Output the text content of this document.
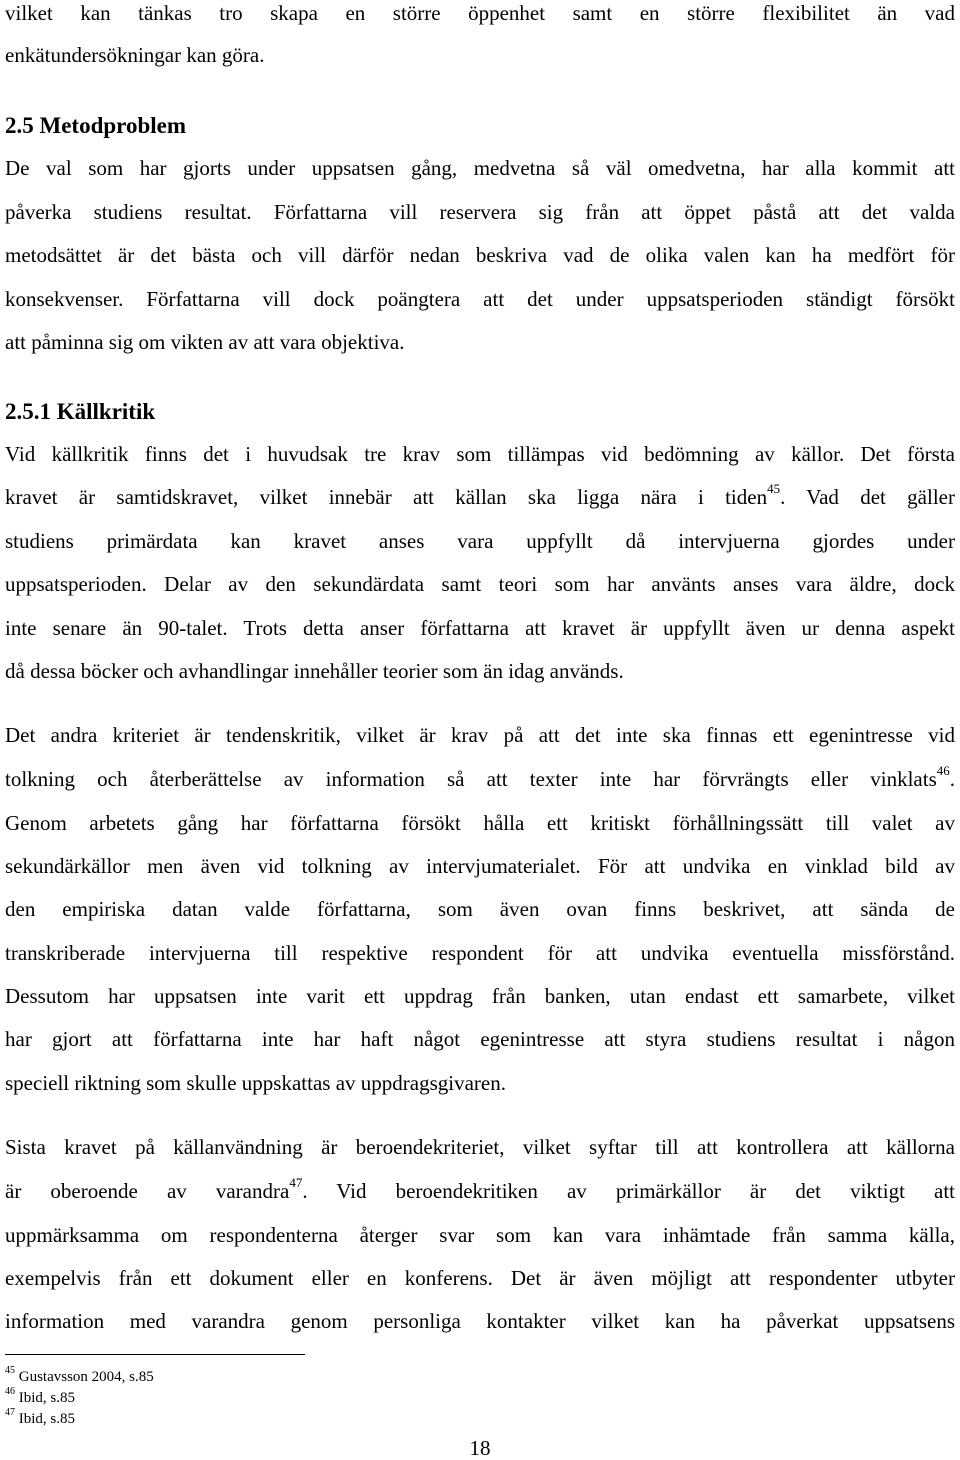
vilket kan tänkas tro skapa en större öppenhet samt en större flexibilitet än vad
enkätundersökningar kan göra.
2.5 Metodproblem
De val som har gjorts under uppsatsen gång, medvetna så väl omedvetna, har alla kommit att
påverka studiens resultat. Författarna vill reservera sig från att öppet påstå att det valda
metodsättet är det bästa och vill därför nedan beskriva vad de olika valen kan ha medfört för
konsekvenser. Författarna vill dock poängtera att det under uppsatsperioden ständigt försökt
att påminna sig om vikten av att vara objektiva.
2.5.1 Källkritik
Vid källkritik finns det i huvudsak tre krav som tillämpas vid bedömning av källor. Det första
kravet är samtidskravet, vilket innebär att källan ska ligga nära i tiden$^{45}$. Vad det gäller
studiens primärdata kan kravet anses vara uppfyllt då intervjuerna gjordes under
uppsatsperioden. Delar av den sekundärdata samt teori som har använts anses vara äldre, dock
inte senare än 90-talet. Trots detta anser författarna att kravet är uppfyllt även ur denna aspekt
då dessa böcker och avhandlingar innehåller teorier som än idag används.
Det andra kriteriet är tendenskritik, vilket är krav på att det inte ska finnas ett egenintresse vid
tolkning och återberättelse av information så att texter inte har förvrängts eller vinklats$^{46}$.
Genom arbetets gång har författarna försökt hålla ett kritiskt förhållningssätt till valet av
sekundärkällor men även vid tolkning av intervjumaterialet. För att undvika en vinklad bild av
den empiriska datan valde författarna, som även ovan finns beskrivet, att sända de
transkriberade intervjuerna till respektive respondent för att undvika eventuella missförstånd.
Dessutom har uppsatsen inte varit ett uppdrag från banken, utan endast ett samarbete, vilket
har gjort att författarna inte har haft något egenintresse att styra studiens resultat i någon
speciell riktning som skulle uppskattas av uppdragsgivaren.
Sista kravet på källanvändning är beroendekriteriet, vilket syftar till att kontrollera att källorna
är oberoende av varandra$^{47}$. Vid beroendekritiken av primärkällor är det viktigt att
uppmärksamma om respondenterna återger svar som kan vara inhämtade från samma källa,
exempelvis från ett dokument eller en konferens. Det är även möjligt att respondenter utbyter
information med varandra genom personliga kontakter vilket kan ha påverkat uppsatsens
$^{45}$ Gustavsson 2004, s.85
$^{46}$ Ibid, s.85
$^{47}$ Ibid, s.85
18
